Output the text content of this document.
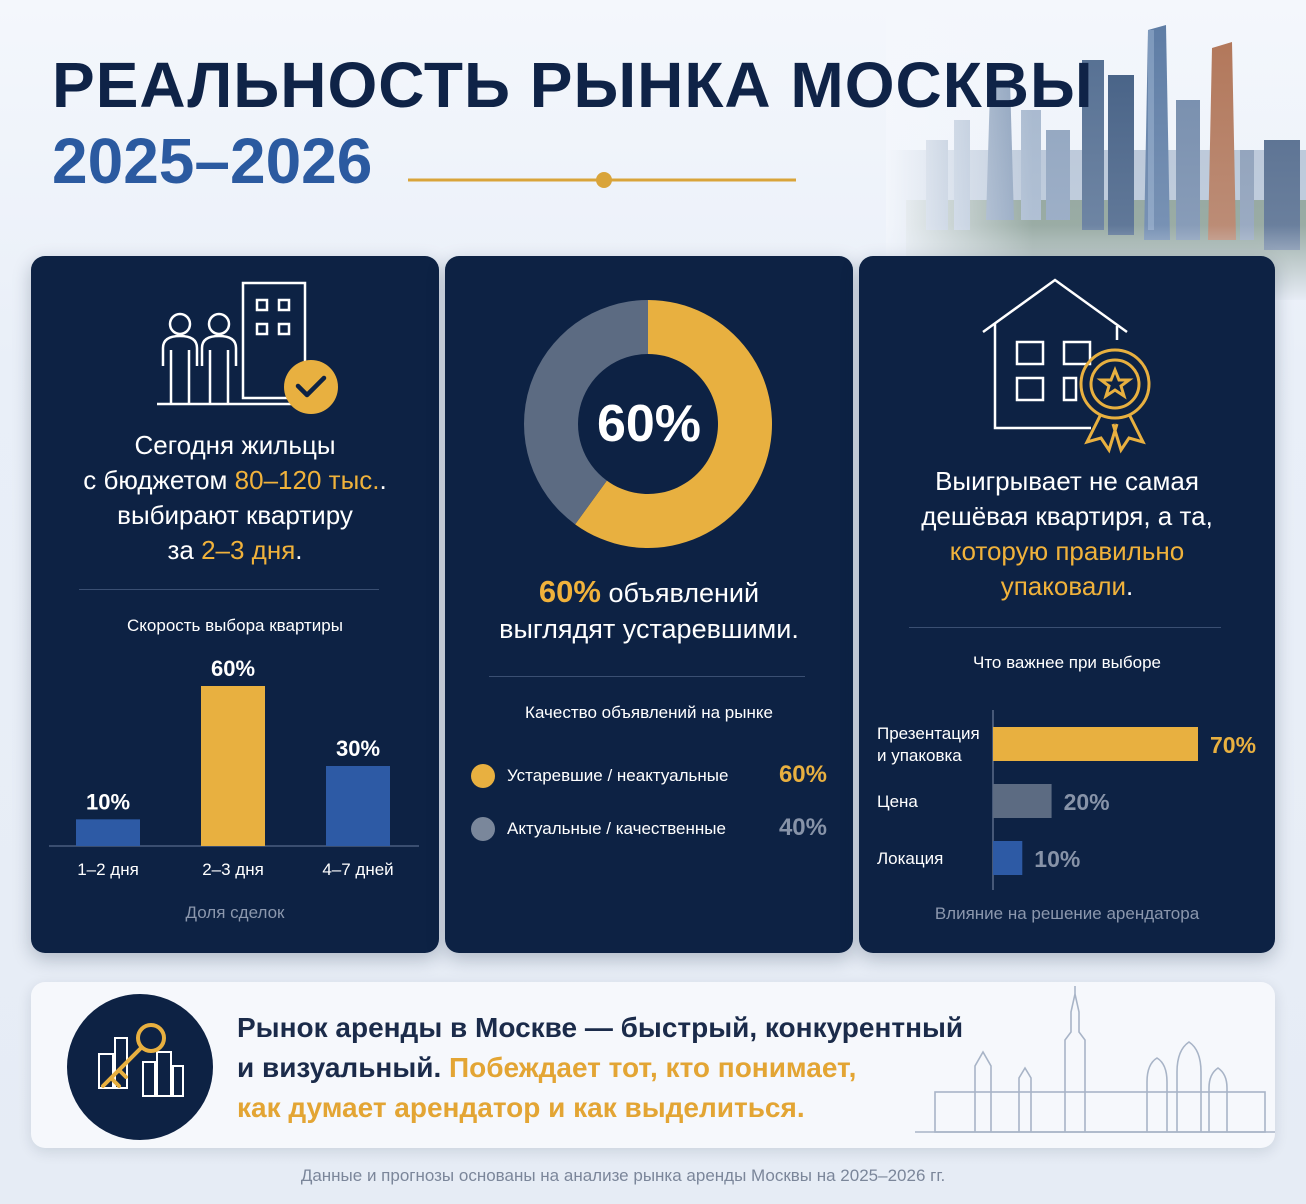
РЕАЛЬНОСТЬ РЫНКА МОСКВЫ
2025–2026
Сегодня жильцы
с бюджетом 80–120 тыс..
выбирают квартиру
за 2–3 дня.
Скорость выбора квартиры
10%
1–2 дня
60%
2–3 дня
30%
4–7 дней
Доля сделок
60%
60% объявлений
выглядят устаревшими.
Качество объявлений на рынке
Устаревшие / неактуальные 60%
Актуальные / качественные 40%
Выигрывает не самая
дешёвая квартиря, а та,
которую правильно
упаковали.
Что важнее при выборе
70%
Презентация и упаковка
20%
Цена
10%
Локация
Влияние на решение арендатора
Рынок аренды в Москве — быстрый, конкурентный
и визуальный. Побеждает тот, кто понимает,
как думает арендатор и как выделиться.
Данные и прогнозы основаны на анализе рынка аренды Москвы на 2025–2026 гг.
